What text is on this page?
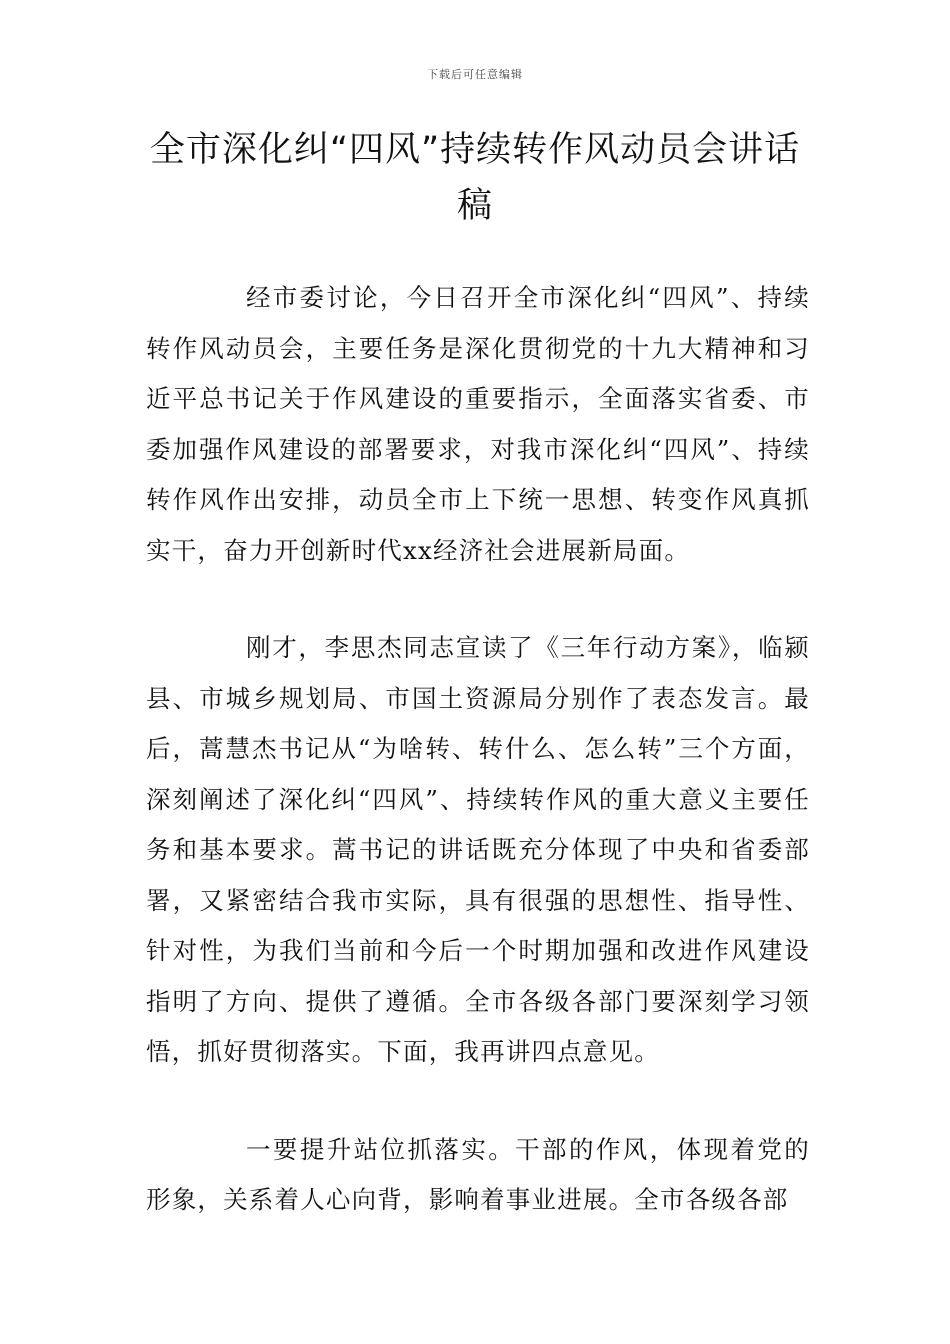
下载后可任意编辑
全市深化纠“四风”持续转作风动员会讲话稿

经市委讨论，今日召开全市深化纠“四风”、持续转作风动员会，主要任务是深化贯彻党的十九大精神和习近平总书记关于作风建设的重要指示，全面落实省委、市委加强作风建设的部署要求，对我市深化纠“四风”、持续转作风作出安排，动员全市上下统一思想、转变作风真抓实干，奋力开创新时代xx经济社会进展新局面。

刚才，李思杰同志宣读了《三年行动方案》，临颍县、市城乡规划局、市国土资源局分别作了表态发言。最后，蒿慧杰书记从“为啥转、转什么、怎么转”三个方面，深刻阐述了深化纠“四风”、持续转作风的重大意义主要任务和基本要求。蒿书记的讲话既充分体现了中央和省委部署，又紧密结合我市实际，具有很强的思想性、指导性、针对性，为我们当前和今后一个时期加强和改进作风建设指明了方向、提供了遵循。全市各级各部门要深刻学习领悟，抓好贯彻落实。下面，我再讲四点意见。

一要提升站位抓落实。干部的作风，体现着党的形象，关系着人心向背，影响着事业进展。全市各级各部
